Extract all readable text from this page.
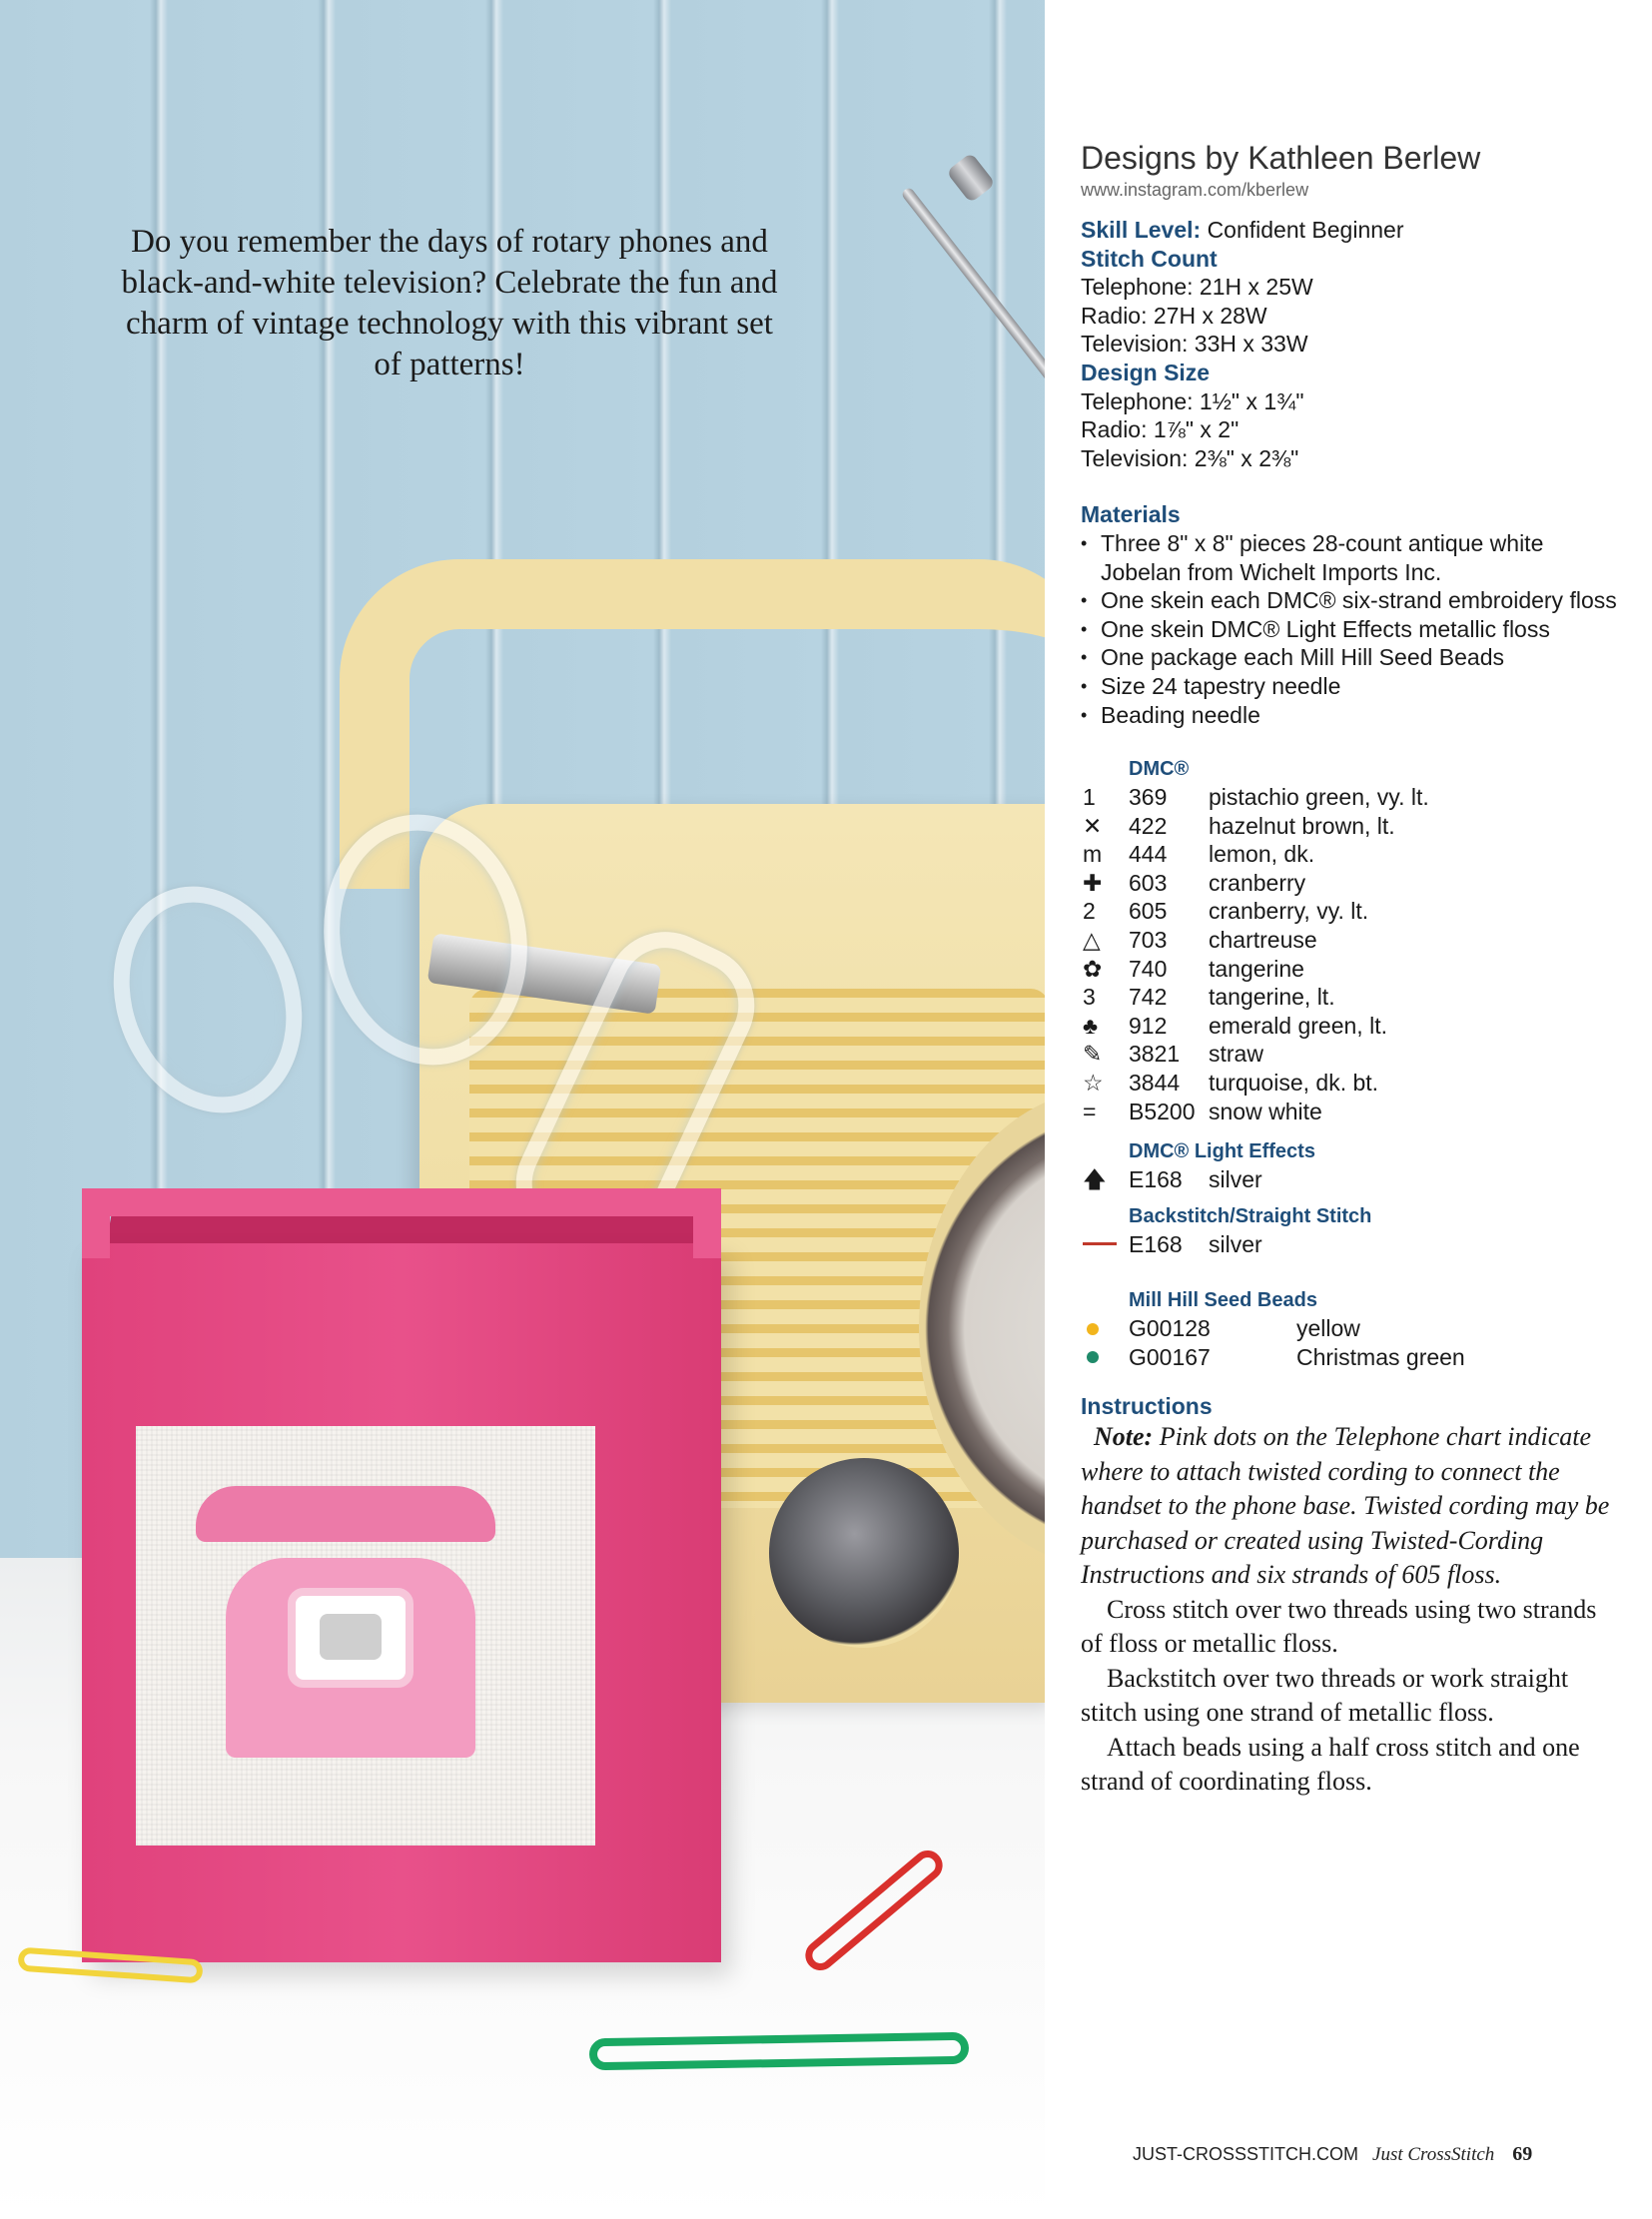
Do you remember the days of rotary phones and black-and-white television? Celebrate the fun and charm of vintage technology with this vibrant set of patterns!

Designs by Kathleen Berlew

www.instagram.com/kberlew

Skill Level: Confident Beginner

Stitch Count

Telephone: 21H x 25W

Radio: 27H x 28W

Television: 33H x 33W

Design Size

Telephone: 1½" x 1¾"

Radio: 1⅞" x 2"

Television: 2⅜" x 2⅜"

Materials

• Three 8" x 8" pieces 28-count antique white Jobelan from Wichelt Imports Inc.
• One skein each DMC® six-strand embroidery floss
• One skein DMC® Light Effects metallic floss
• One package each Mill Hill Seed Beads
• Size 24 tapestry needle
• Beading needle

DMC®

1	369	pistachio green, vy. lt.
✕	422	hazelnut brown, lt.
m	444	lemon, dk.
✚	603	cranberry
2	605	cranberry, vy. lt.
△	703	chartreuse
✿	740	tangerine
3	742	tangerine, lt.
♣	912	emerald green, lt.
✎	3821	straw
☆	3844	turquoise, dk. bt.
=	B5200 snow white

DMC® Light Effects

🡅 E168	silver

Backstitch/Straight Stitch

E168	silver

Mill Hill Seed Beads

G00128	yellow
G00167	Christmas green

Instructions

Note: Pink dots on the Telephone chart indicate where to attach twisted cording to connect the handset to the phone base. Twisted cording may be purchased or created using Twisted-Cording Instructions and six strands of 605 floss.

Cross stitch over two threads using two strands of floss or metallic floss.

Backstitch over two threads or work straight stitch using one strand of metallic floss.

Attach beads using a half cross stitch and one strand of coordinating floss.

JUST-CROSSSTITCH.COM Just CrossStitch 69
